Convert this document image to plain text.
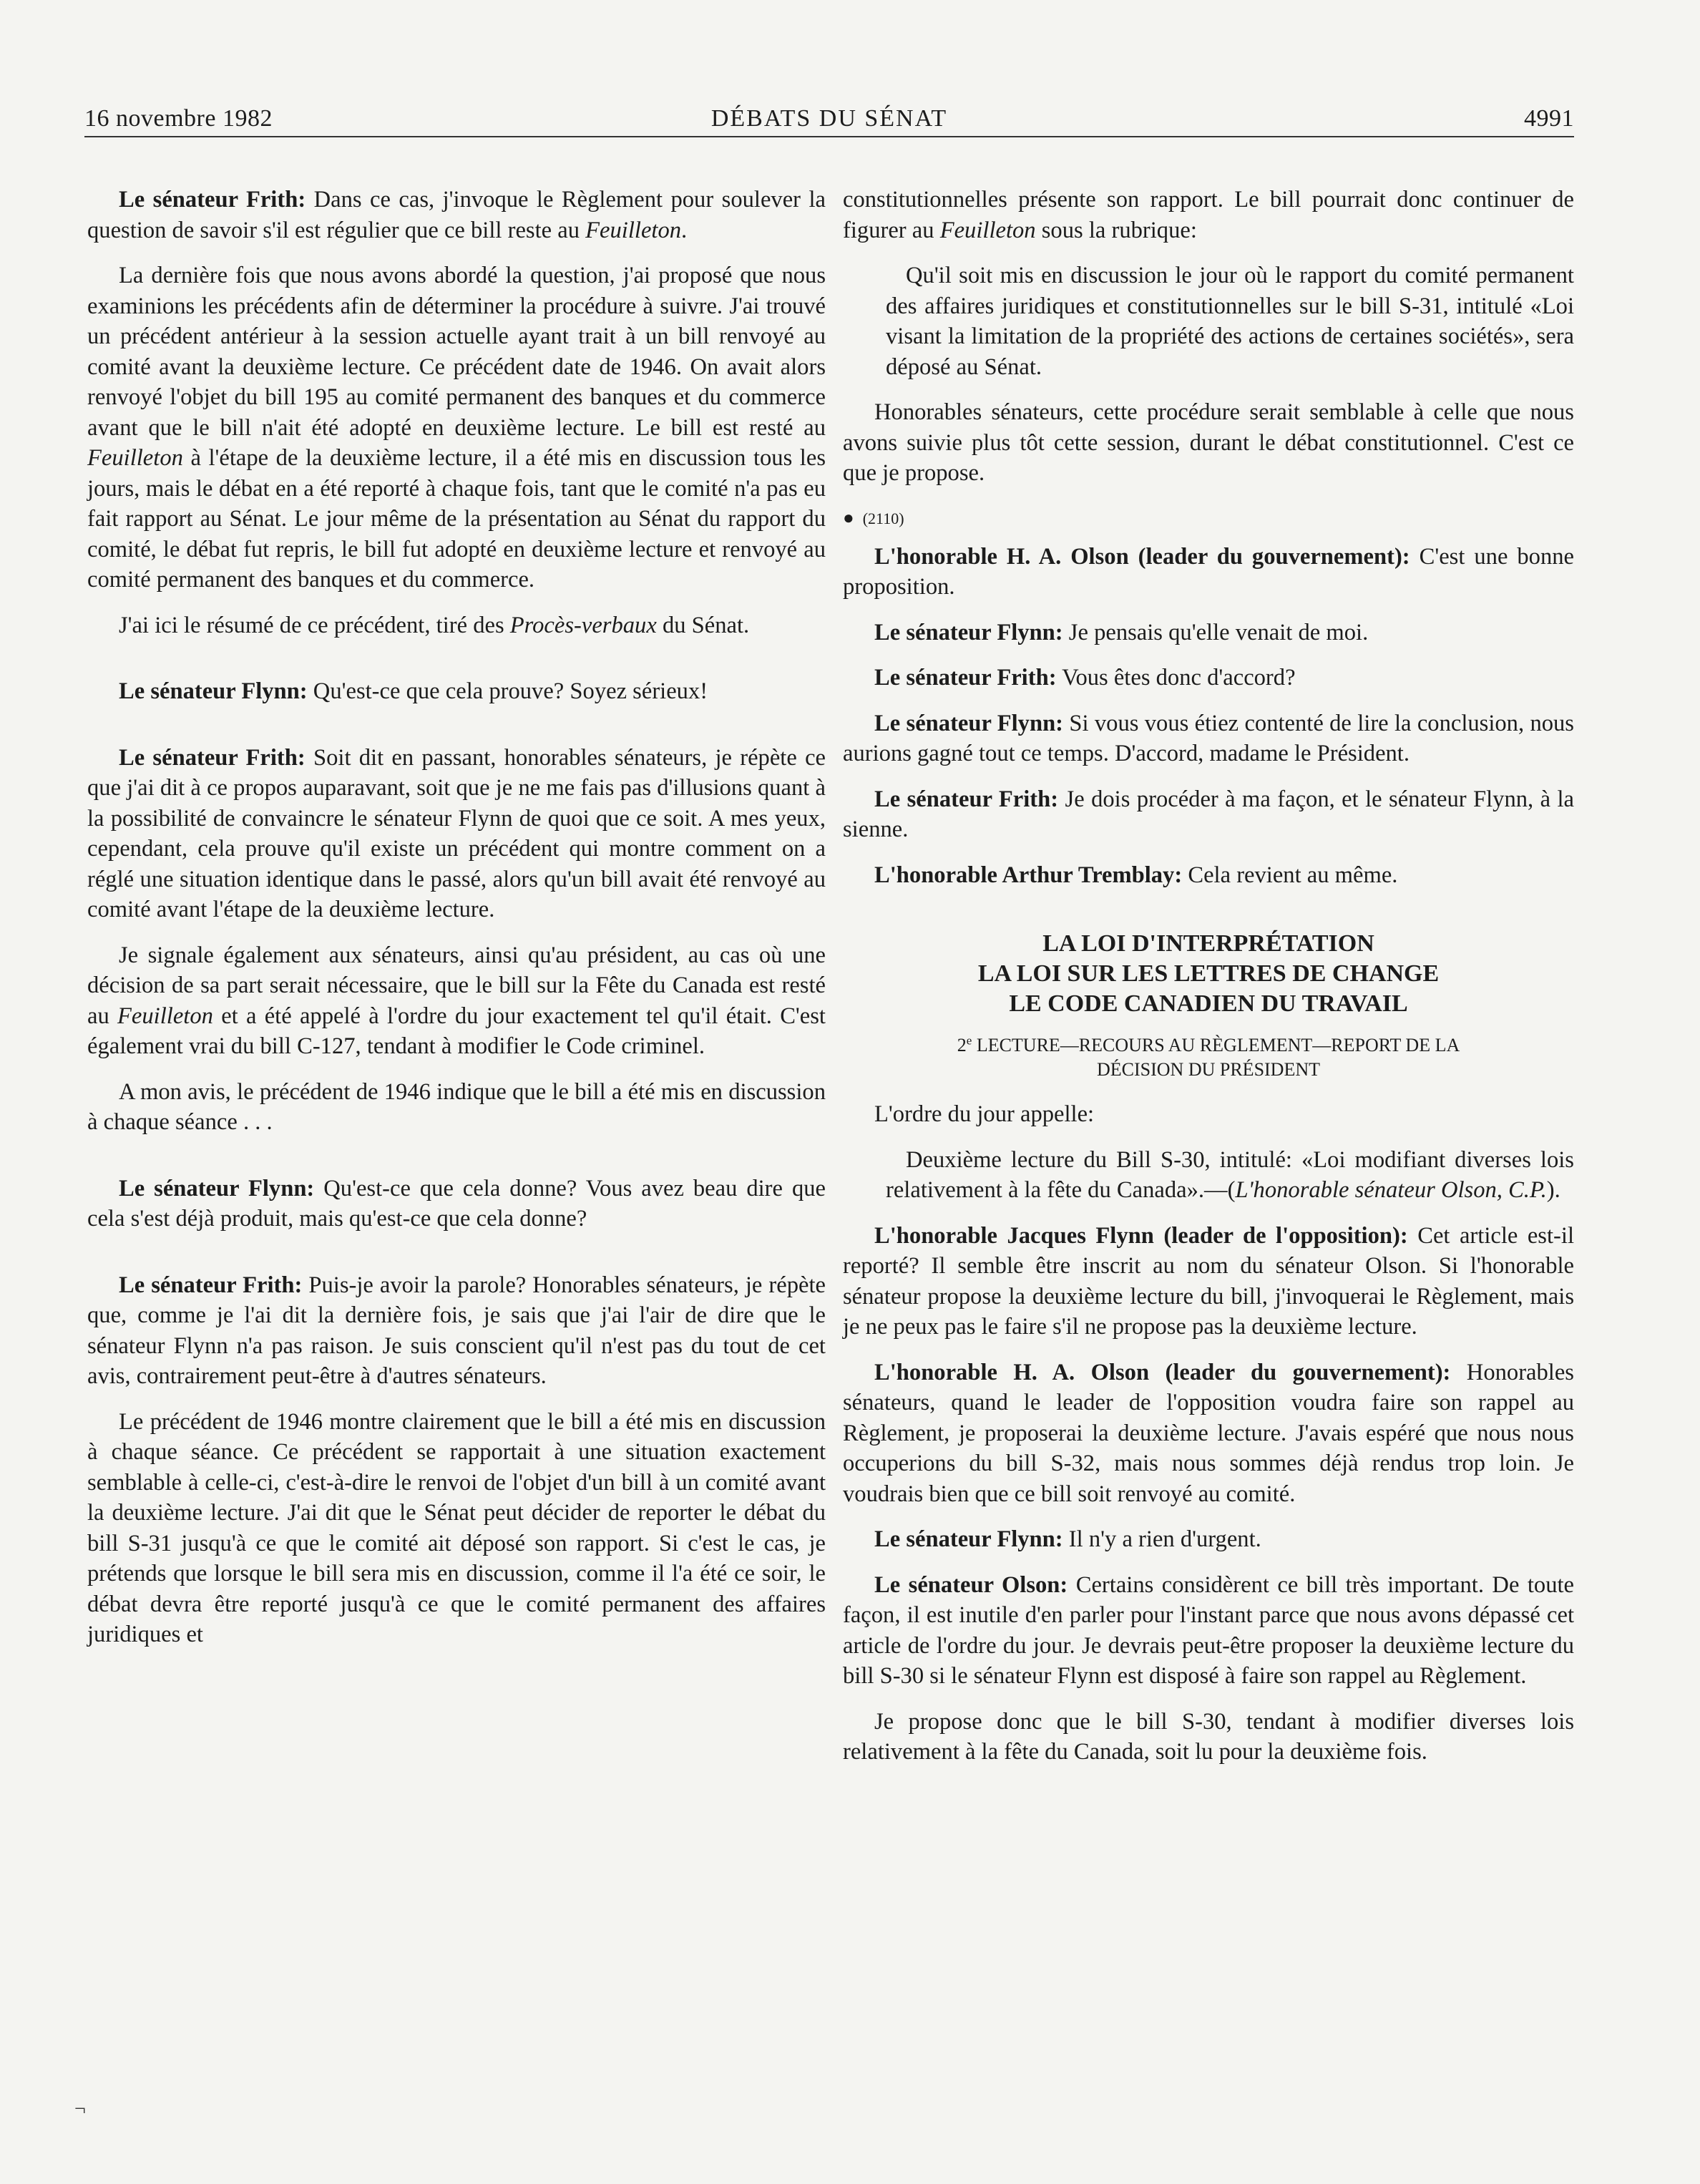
16 novembre 1982	DÉBATS DU SÉNAT	4991

Le sénateur Frith: Dans ce cas, j'invoque le Règlement pour soulever la question de savoir s'il est régulier que ce bill reste au Feuilleton.

La dernière fois que nous avons abordé la question, j'ai proposé que nous examinions les précédents afin de déterminer la procédure à suivre. J'ai trouvé un précédent antérieur à la session actuelle ayant trait à un bill renvoyé au comité avant la deuxième lecture. Ce précédent date de 1946. On avait alors renvoyé l'objet du bill 195 au comité permanent des banques et du commerce avant que le bill n'ait été adopté en deuxième lecture. Le bill est resté au Feuilleton à l'étape de la deuxième lecture, il a été mis en discussion tous les jours, mais le débat en a été reporté à chaque fois, tant que le comité n'a pas eu fait rapport au Sénat. Le jour même de la présentation au Sénat du rapport du comité, le débat fut repris, le bill fut adopté en deuxième lecture et renvoyé au comité permanent des banques et du commerce.

J'ai ici le résumé de ce précédent, tiré des Procès-verbaux du Sénat.

Le sénateur Flynn: Qu'est-ce que cela prouve? Soyez sérieux!

Le sénateur Frith: Soit dit en passant, honorables sénateurs, je répète ce que j'ai dit à ce propos auparavant, soit que je ne me fais pas d'illusions quant à la possibilité de convaincre le sénateur Flynn de quoi que ce soit. A mes yeux, cependant, cela prouve qu'il existe un précédent qui montre comment on a réglé une situation identique dans le passé, alors qu'un bill avait été renvoyé au comité avant l'étape de la deuxième lecture.

Je signale également aux sénateurs, ainsi qu'au président, au cas où une décision de sa part serait nécessaire, que le bill sur la Fête du Canada est resté au Feuilleton et a été appelé à l'ordre du jour exactement tel qu'il était. C'est également vrai du bill C-127, tendant à modifier le Code criminel.

A mon avis, le précédent de 1946 indique que le bill a été mis en discussion à chaque séance . . .

Le sénateur Flynn: Qu'est-ce que cela donne? Vous avez beau dire que cela s'est déjà produit, mais qu'est-ce que cela donne?

Le sénateur Frith: Puis-je avoir la parole? Honorables sénateurs, je répète que, comme je l'ai dit la dernière fois, je sais que j'ai l'air de dire que le sénateur Flynn n'a pas raison. Je suis conscient qu'il n'est pas du tout de cet avis, contrairement peut-être à d'autres sénateurs.

Le précédent de 1946 montre clairement que le bill a été mis en discussion à chaque séance. Ce précédent se rapportait à une situation exactement semblable à celle-ci, c'est-à-dire le renvoi de l'objet d'un bill à un comité avant la deuxième lecture. J'ai dit que le Sénat peut décider de reporter le débat du bill S-31 jusqu'à ce que le comité ait déposé son rapport. Si c'est le cas, je prétends que lorsque le bill sera mis en discussion, comme il l'a été ce soir, le débat devra être reporté jusqu'à ce que le comité permanent des affaires juridiques et

constitutionnelles présente son rapport. Le bill pourrait donc continuer de figurer au Feuilleton sous la rubrique:

Qu'il soit mis en discussion le jour où le rapport du comité permanent des affaires juridiques et constitutionnelles sur le bill S-31, intitulé «Loi visant la limitation de la propriété des actions de certaines sociétés», sera déposé au Sénat.

Honorables sénateurs, cette procédure serait semblable à celle que nous avons suivie plus tôt cette session, durant le débat constitutionnel. C'est ce que je propose.

● (2110)

L'honorable H. A. Olson (leader du gouvernement): C'est une bonne proposition.

Le sénateur Flynn: Je pensais qu'elle venait de moi.

Le sénateur Frith: Vous êtes donc d'accord?

Le sénateur Flynn: Si vous vous étiez contenté de lire la conclusion, nous aurions gagné tout ce temps. D'accord, madame le Président.

Le sénateur Frith: Je dois procéder à ma façon, et le sénateur Flynn, à la sienne.

L'honorable Arthur Tremblay: Cela revient au même.

LA LOI D'INTERPRÉTATION
LA LOI SUR LES LETTRES DE CHANGE
LE CODE CANADIEN DU TRAVAIL
2e LECTURE—RECOURS AU RÈGLEMENT—REPORT DE LA
DÉCISION DU PRÉSIDENT

L'ordre du jour appelle:

Deuxième lecture du Bill S-30, intitulé: «Loi modifiant diverses lois relativement à la fête du Canada».—(L'honorable sénateur Olson, C.P.).

L'honorable Jacques Flynn (leader de l'opposition): Cet article est-il reporté? Il semble être inscrit au nom du sénateur Olson. Si l'honorable sénateur propose la deuxième lecture du bill, j'invoquerai le Règlement, mais je ne peux pas le faire s'il ne propose pas la deuxième lecture.

L'honorable H. A. Olson (leader du gouvernement): Honorables sénateurs, quand le leader de l'opposition voudra faire son rappel au Règlement, je proposerai la deuxième lecture. J'avais espéré que nous nous occuperions du bill S-32, mais nous sommes déjà rendus trop loin. Je voudrais bien que ce bill soit renvoyé au comité.

Le sénateur Flynn: Il n'y a rien d'urgent.

Le sénateur Olson: Certains considèrent ce bill très important. De toute façon, il est inutile d'en parler pour l'instant parce que nous avons dépassé cet article de l'ordre du jour. Je devrais peut-être proposer la deuxième lecture du bill S-30 si le sénateur Flynn est disposé à faire son rappel au Règlement.

Je propose donc que le bill S-30, tendant à modifier diverses lois relativement à la fête du Canada, soit lu pour la deuxième fois.

¬
